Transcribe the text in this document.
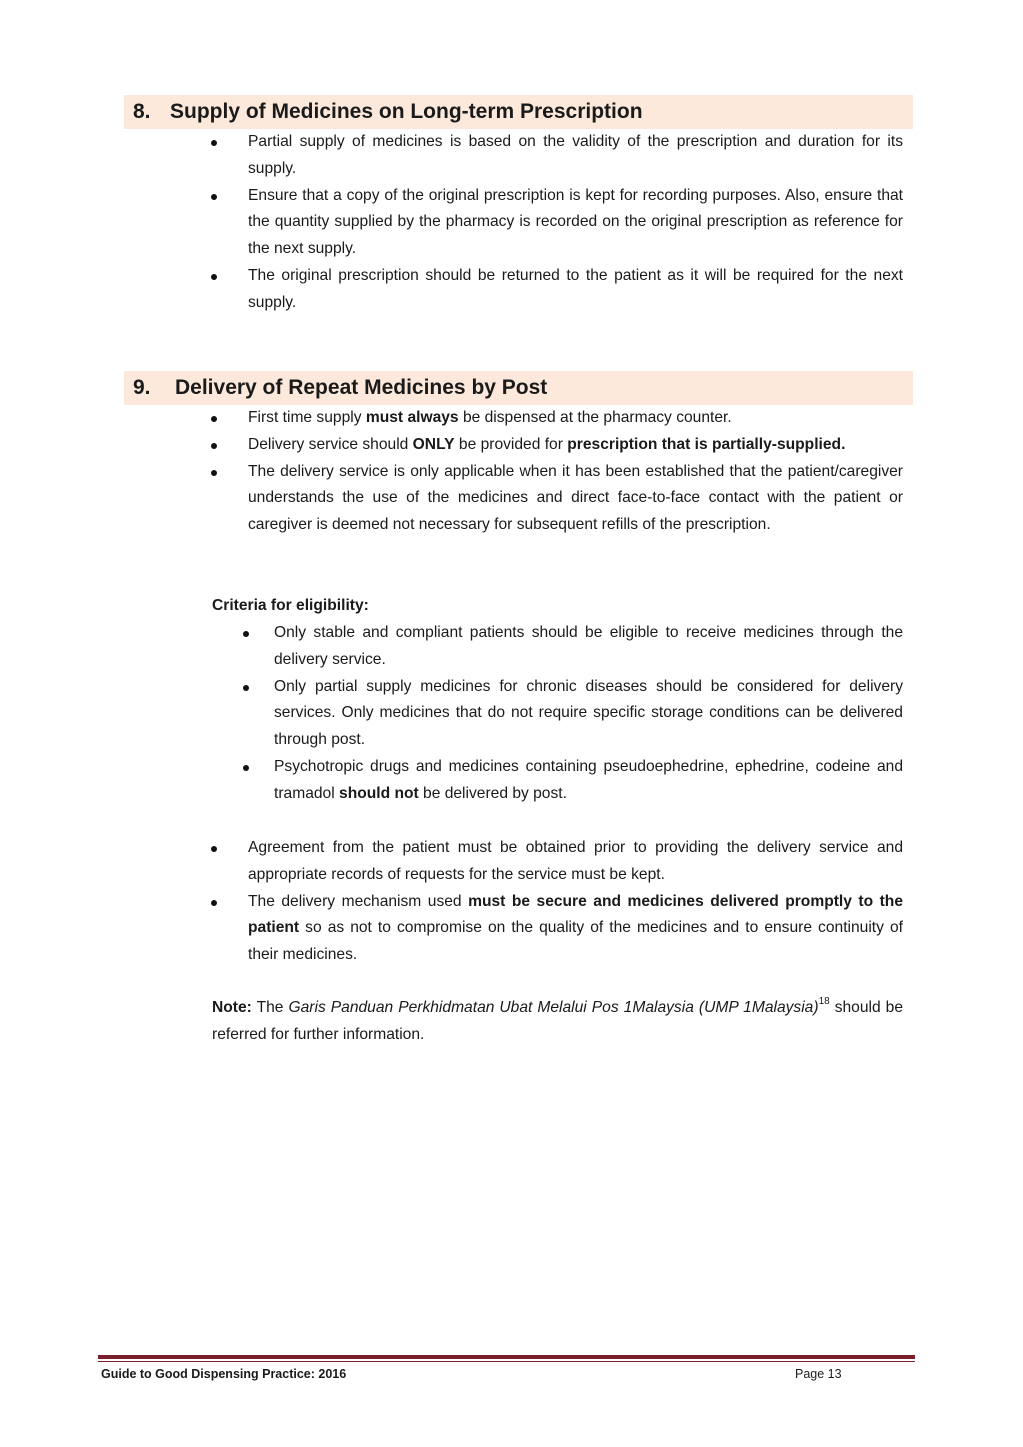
8. Supply of Medicines on Long-term Prescription
Partial supply of medicines is based on the validity of the prescription and duration for its supply.
Ensure that a copy of the original prescription is kept for recording purposes. Also, ensure that the quantity supplied by the pharmacy is recorded on the original prescription as reference for the next supply.
The original prescription should be returned to the patient as it will be required for the next supply.
9. Delivery of Repeat Medicines by Post
First time supply must always be dispensed at the pharmacy counter.
Delivery service should ONLY be provided for prescription that is partially-supplied.
The delivery service is only applicable when it has been established that the patient/caregiver understands the use of the medicines and direct face-to-face contact with the patient or caregiver is deemed not necessary for subsequent refills of the prescription.
Criteria for eligibility:
Only stable and compliant patients should be eligible to receive medicines through the delivery service.
Only partial supply medicines for chronic diseases should be considered for delivery services. Only medicines that do not require specific storage conditions can be delivered through post.
Psychotropic drugs and medicines containing pseudoephedrine, ephedrine, codeine and tramadol should not be delivered by post.
Agreement from the patient must be obtained prior to providing the delivery service and appropriate records of requests for the service must be kept.
The delivery mechanism used must be secure and medicines delivered promptly to the patient so as not to compromise on the quality of the medicines and to ensure continuity of their medicines.
Note: The Garis Panduan Perkhidmatan Ubat Melalui Pos 1Malaysia (UMP 1Malaysia)$^{18}$ should be referred for further information.
Guide to Good Dispensing Practice: 2016	Page 13
